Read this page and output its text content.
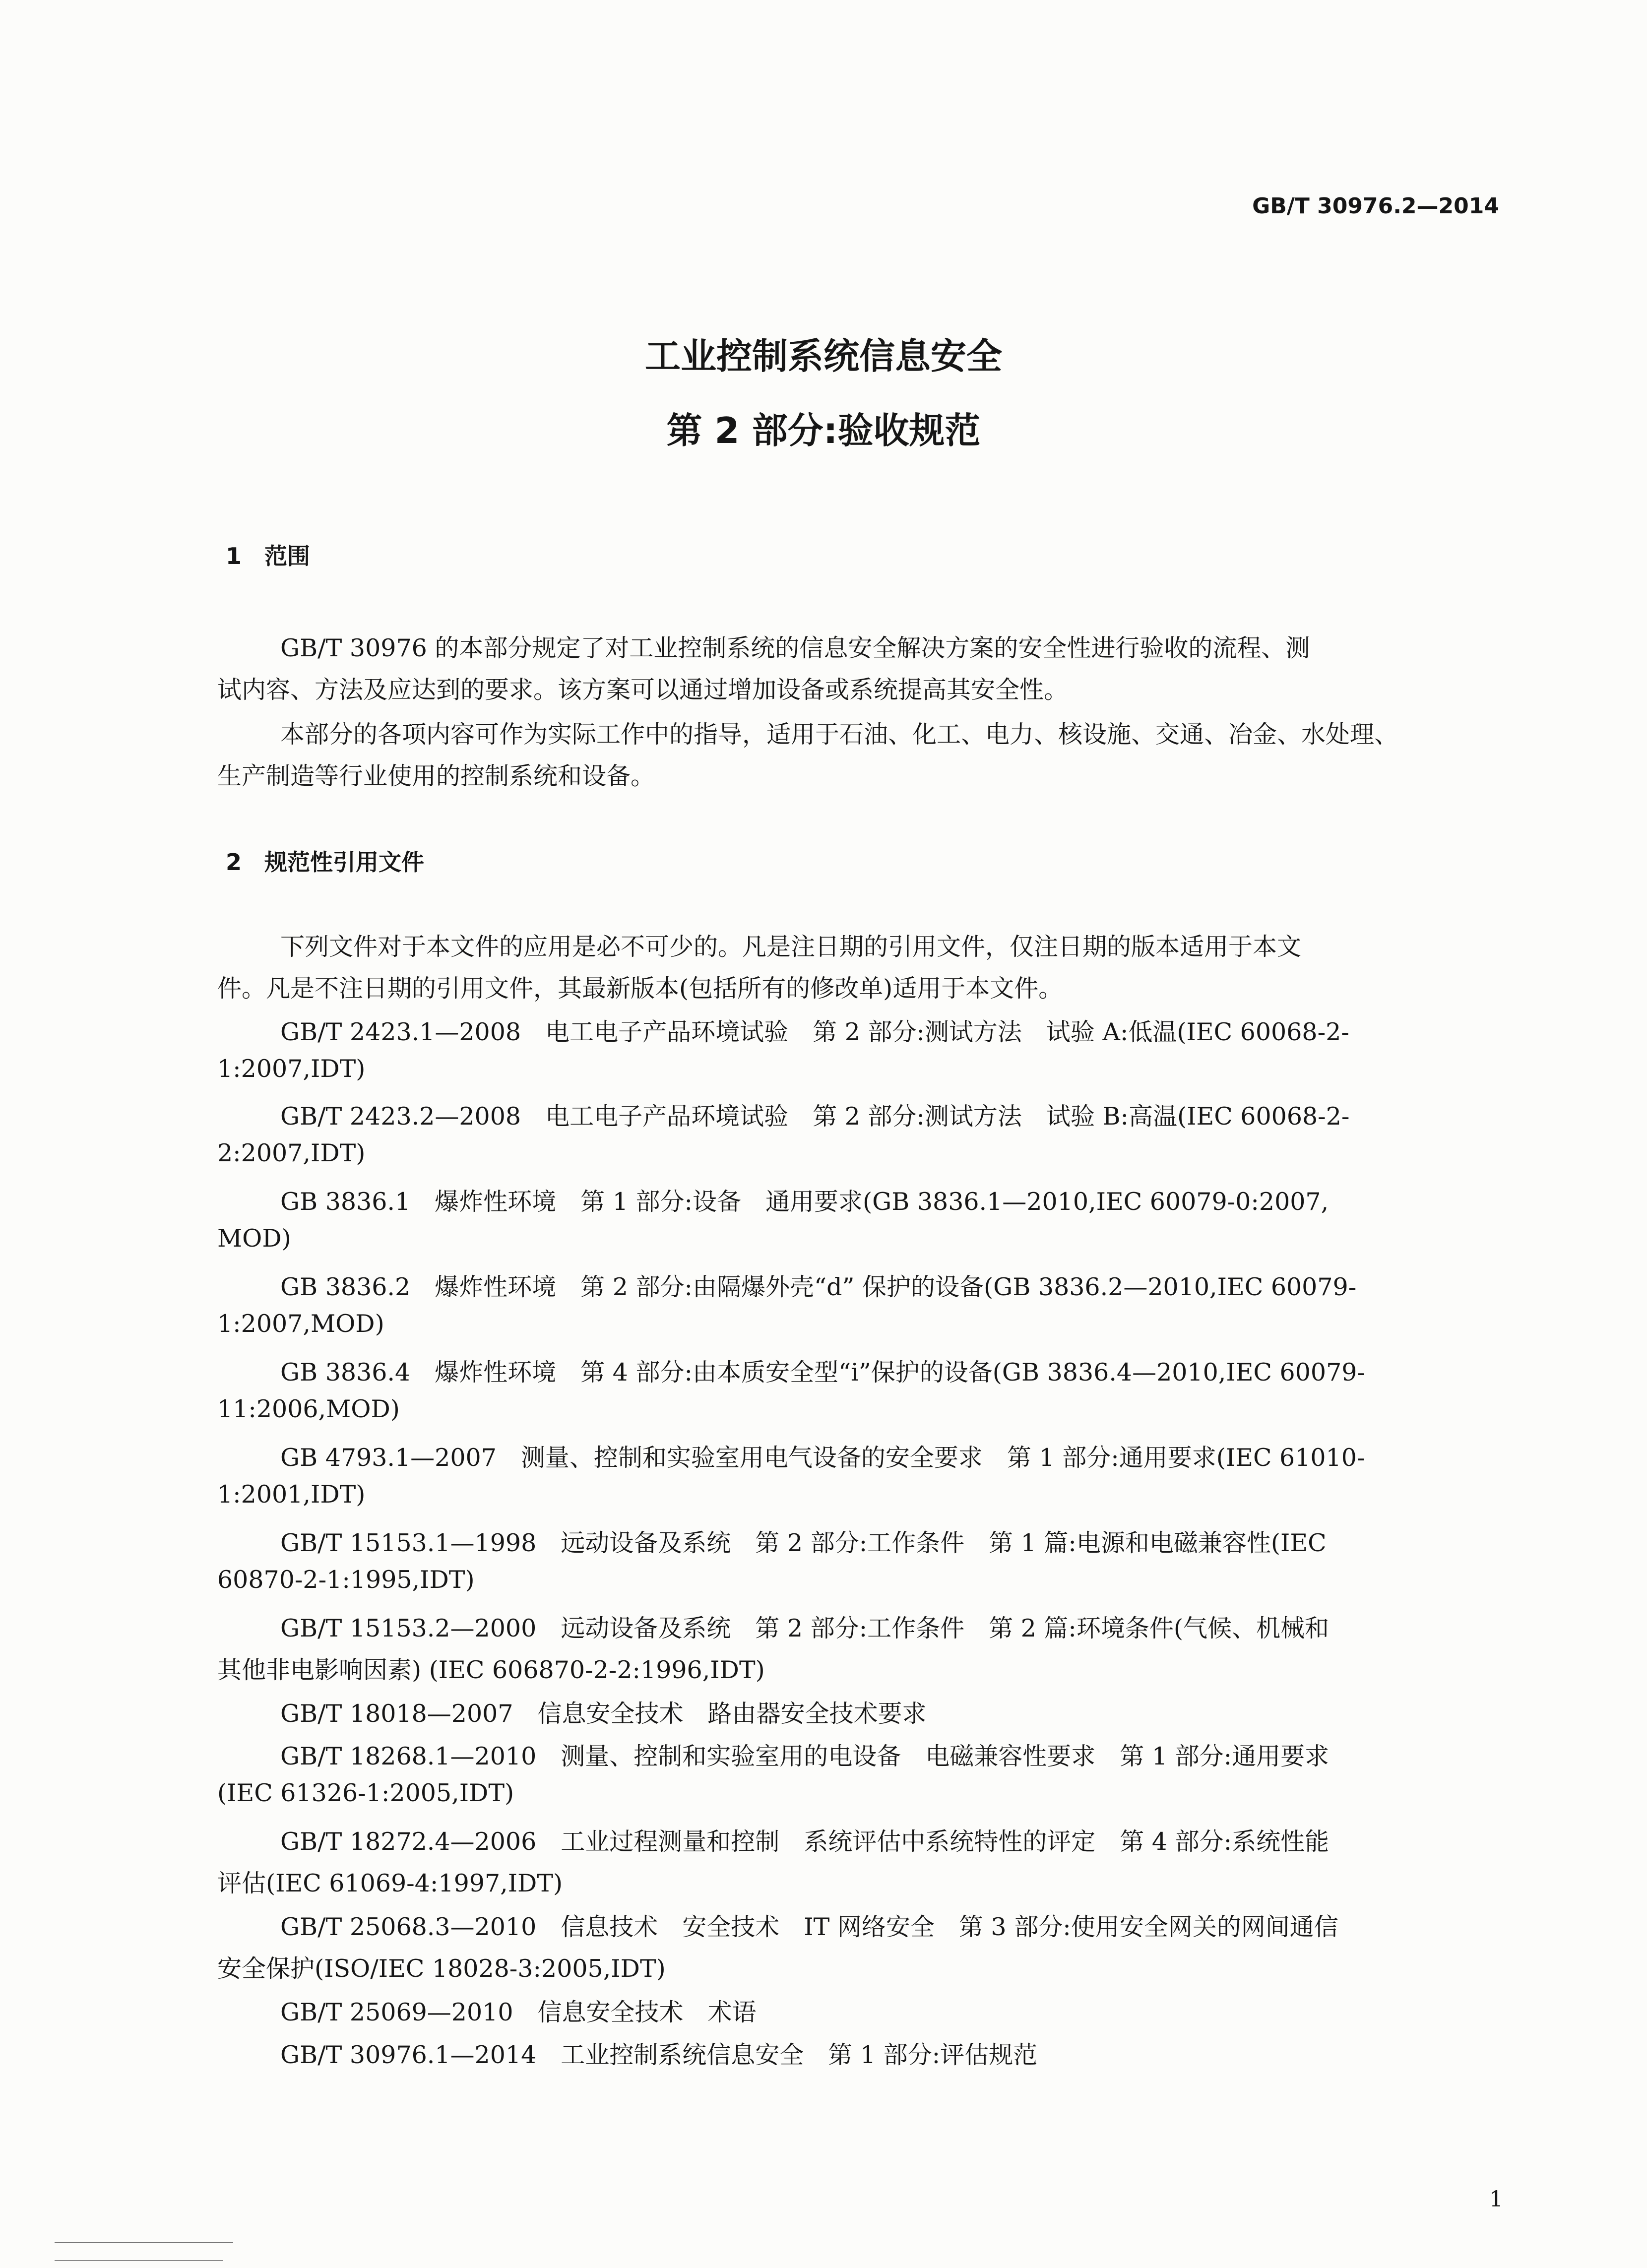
GB/T 30976.2—2014
工业控制系统信息安全
第 2 部分:验收规范
1　范围

GB/T 30976 的本部分规定了对工业控制系统的信息安全解决方案的安全性进行验收的流程、测

试内容、方法及应达到的要求。该方案可以通过增加设备或系统提高其安全性。

本部分的各项内容可作为实际工作中的指导，适用于石油、化工、电力、核设施、交通、冶金、水处理、

生产制造等行业使用的控制系统和设备。

2　规范性引用文件

下列文件对于本文件的应用是必不可少的。凡是注日期的引用文件，仅注日期的版本适用于本文

件。凡是不注日期的引用文件，其最新版本(包括所有的修改单)适用于本文件。

GB/T 2423.1—2008　电工电子产品环境试验　第 2 部分:测试方法　试验 A:低温(IEC 60068-2-

1:2007,IDT)

GB/T 2423.2—2008　电工电子产品环境试验　第 2 部分:测试方法　试验 B:高温(IEC 60068-2-

2:2007,IDT)

GB 3836.1　爆炸性环境　第 1 部分:设备　通用要求(GB 3836.1—2010,IEC 60079-0:2007,

MOD)

GB 3836.2　爆炸性环境　第 2 部分:由隔爆外壳“d” 保护的设备(GB 3836.2—2010,IEC 60079-

1:2007,MOD)

GB 3836.4　爆炸性环境　第 4 部分:由本质安全型“i”保护的设备(GB 3836.4—2010,IEC 60079-

11:2006,MOD)

GB 4793.1—2007　测量、控制和实验室用电气设备的安全要求　第 1 部分:通用要求(IEC 61010-

1:2001,IDT)

GB/T 15153.1—1998　远动设备及系统　第 2 部分:工作条件　第 1 篇:电源和电磁兼容性(IEC

60870-2-1:1995,IDT)

GB/T 15153.2—2000　远动设备及系统　第 2 部分:工作条件　第 2 篇:环境条件(气候、机械和

其他非电影响因素) (IEC 606870-2-2:1996,IDT)

GB/T 18018—2007　信息安全技术　路由器安全技术要求

GB/T 18268.1—2010　测量、控制和实验室用的电设备　电磁兼容性要求　第 1 部分:通用要求

(IEC 61326-1:2005,IDT)

GB/T 18272.4—2006　工业过程测量和控制　系统评估中系统特性的评定　第 4 部分:系统性能

评估(IEC 61069-4:1997,IDT)

GB/T 25068.3—2010　信息技术　安全技术　IT 网络安全　第 3 部分:使用安全网关的网间通信

安全保护(ISO/IEC 18028-3:2005,IDT)

GB/T 25069—2010　信息安全技术　术语

GB/T 30976.1—2014　工业控制系统信息安全　第 1 部分:评估规范

1
